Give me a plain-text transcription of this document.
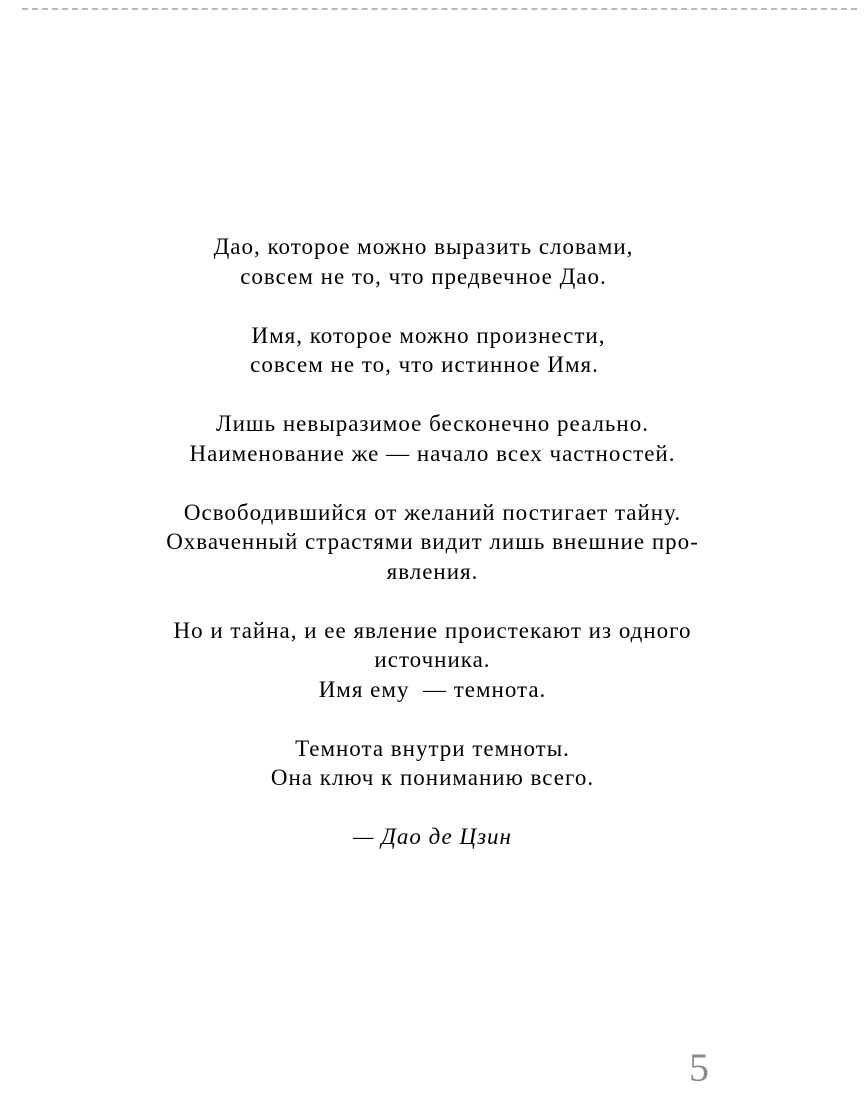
Дао, которое можно выразить словами,
совсем не то, что предвечное Дао.
Имя, которое можно произнести,
совсем не то, что истинное Имя.
Лишь невыразимое бесконечно реально.
Наименование же — начало всех частностей.
Освободившийся от желаний постигает тайну.
Охваченный страстями видит лишь внешние про-
явления.
Но и тайна, и ее явление проистекают из одного
источника.
Имя ему  — темнота.
Темнота внутри темноты.
Она ключ к пониманию всего.
— Дао де Цзин
5
